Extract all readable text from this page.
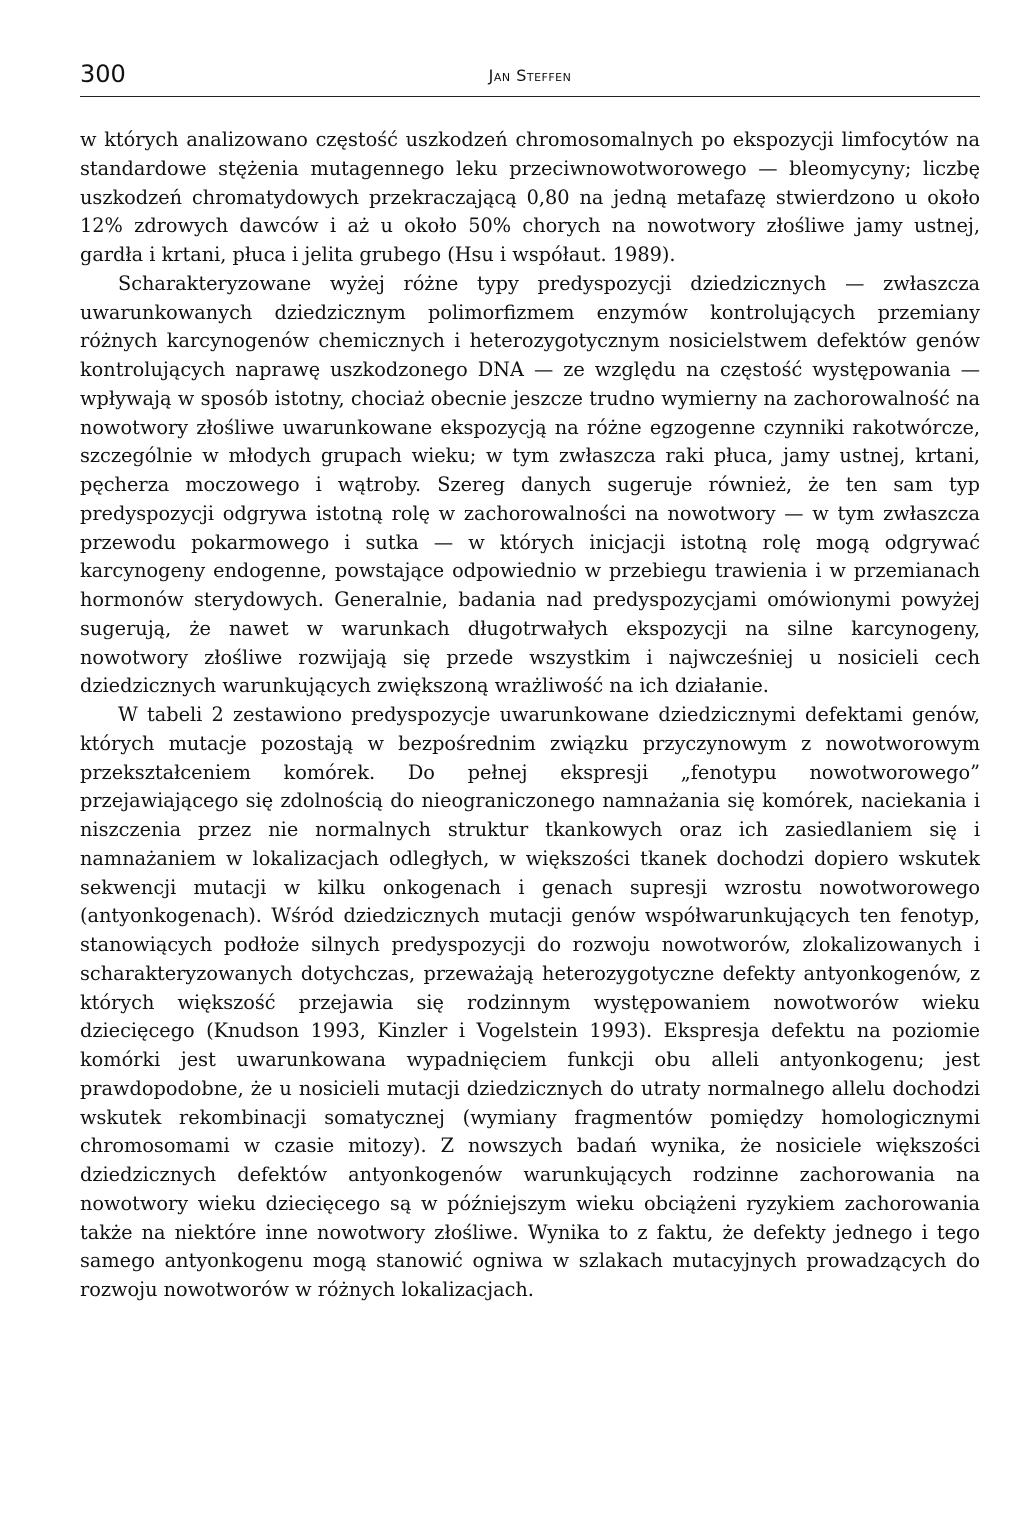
300	Jan Steffen

w których analizowano częstość uszkodzeń chromosomalnych po ekspozycji limfocytów na standardowe stężenia mutagennego leku przeciwnowotworowego — bleomycyny; liczbę uszkodzeń chromatydowych przekraczającą 0,80 na jedną metafazę stwierdzono u około 12% zdrowych dawców i aż u około 50% chorych na nowotwory złośliwe jamy ustnej, gardła i krtani, płuca i jelita grubego (Hsu i współaut. 1989).

Scharakteryzowane wyżej różne typy predyspozycji dziedzicznych — zwłaszcza uwarunkowanych dziedzicznym polimorfizmem enzymów kontrolujących przemiany różnych karcynogenów chemicznych i heterozygotycznym nosicielstwem defektów genów kontrolujących naprawę uszkodzonego DNA — ze względu na częstość występowania — wpływają w sposób istotny, chociaż obecnie jeszcze trudno wymierny na zachorowalność na nowotwory złośliwe uwarunkowane ekspozycją na różne egzogenne czynniki rakotwórcze, szczególnie w młodych grupach wieku; w tym zwłaszcza raki płuca, jamy ustnej, krtani, pęcherza moczowego i wątroby. Szereg danych sugeruje również, że ten sam typ predyspozycji odgrywa istotną rolę w zachorowalności na nowotwory — w tym zwłaszcza przewodu pokarmowego i sutka — w których inicjacji istotną rolę mogą odgrywać karcynogeny endogenne, powstające odpowiednio w przebiegu trawienia i w przemianach hormonów sterydowych. Generalnie, badania nad predyspozycjami omówionymi powyżej sugerują, że nawet w warunkach długotrwałych ekspozycji na silne karcynogeny, nowotwory złośliwe rozwijają się przede wszystkim i najwcześniej u nosicieli cech dziedzicznych warunkujących zwiększoną wrażliwość na ich działanie.

W tabeli 2 zestawiono predyspozycje uwarunkowane dziedzicznymi defektami genów, których mutacje pozostają w bezpośrednim związku przyczynowym z nowotworowym przekształceniem komórek. Do pełnej ekspresji „fenotypu nowotworowego” przejawiającego się zdolnością do nieograniczonego namnażania się komórek, naciekania i niszczenia przez nie normalnych struktur tkankowych oraz ich zasiedlaniem się i namnażaniem w lokalizacjach odległych, w większości tkanek dochodzi dopiero wskutek sekwencji mutacji w kilku onkogenach i genach supresji wzrostu nowotworowego (antyonkogenach). Wśród dziedzicznych mutacji genów współwarunkujących ten fenotyp, stanowiących podłoże silnych predyspozycji do rozwoju nowotworów, zlokalizowanych i scharakteryzowanych dotychczas, przeważają heterozygotyczne defekty antyonkogenów, z których większość przejawia się rodzinnym występowaniem nowotworów wieku dziecięcego (Knudson 1993, Kinzler i Vogelstein 1993). Ekspresja defektu na poziomie komórki jest uwarunkowana wypadnięciem funkcji obu alleli antyonkogenu; jest prawdopodobne, że u nosicieli mutacji dziedzicznych do utraty normalnego allelu dochodzi wskutek rekombinacji somatycznej (wymiany fragmentów pomiędzy homologicznymi chromosomami w czasie mitozy). Z nowszych badań wynika, że nosiciele większości dziedzicznych defektów antyonkogenów warunkujących rodzinne zachorowania na nowotwory wieku dziecięcego są w późniejszym wieku obciążeni ryzykiem zachorowania także na niektóre inne nowotwory złośliwe. Wynika to z faktu, że defekty jednego i tego samego antyonkogenu mogą stanowić ogniwa w szlakach mutacyjnych prowadzących do rozwoju nowotworów w różnych lokalizacjach.
